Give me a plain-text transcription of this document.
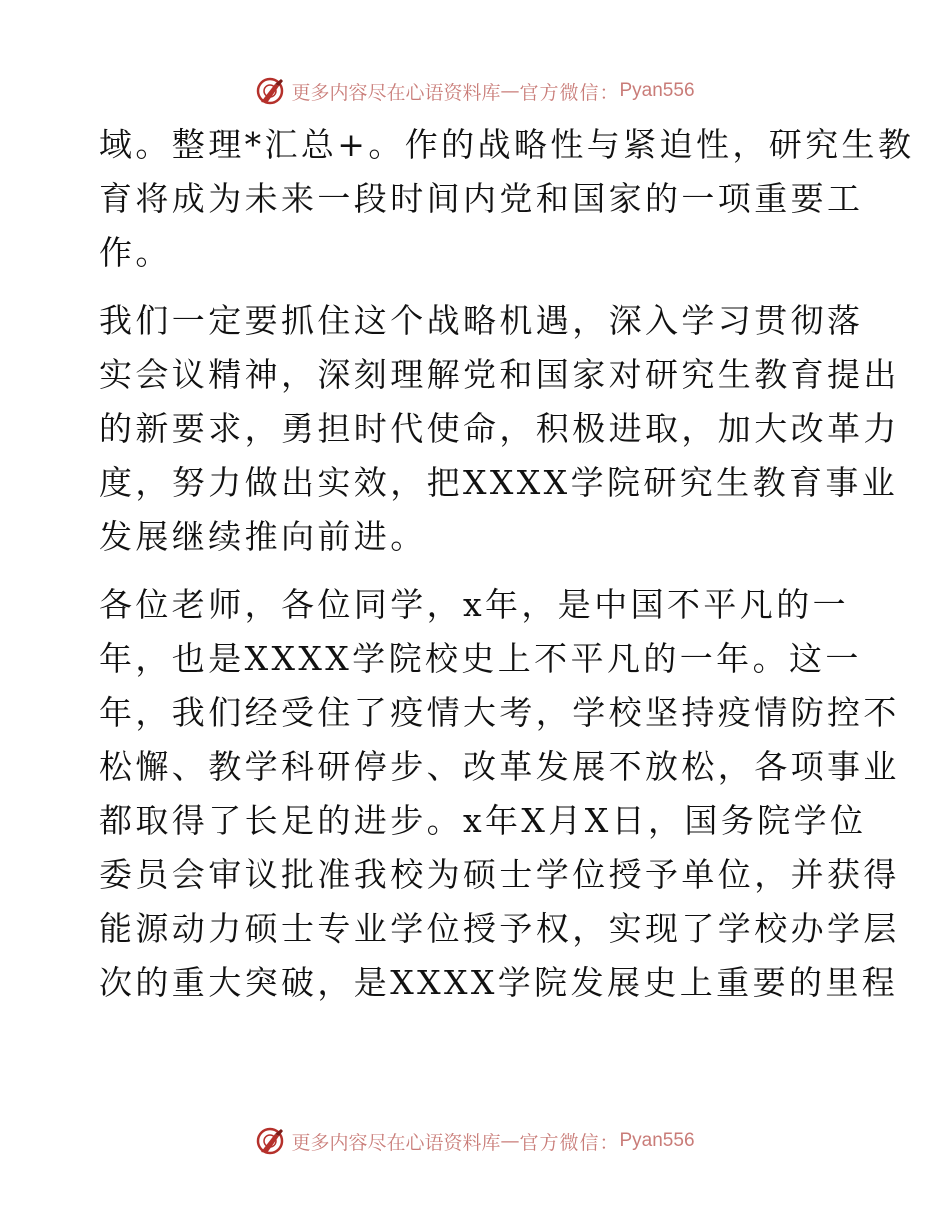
更多内容尽在心语资料库 — 官方微信： Pyan556
域。整理*汇总+。作的战略性与紧迫性，研究生教
育将成为未来一段时间内党和国家的一项重要工
作。
我们一定要抓住这个战略机遇，深入学习贯彻落
实会议精神，深刻理解党和国家对研究生教育提出
的新要求，勇担时代使命，积极进取，加大改革力
度，努力做出实效，把XXXX学院研究生教育事业
发展继续推向前进。
各位老师，各位同学，x年，是中国不平凡的一
年，也是XXXX学院校史上不平凡的一年。这一
年，我们经受住了疫情大考，学校坚持疫情防控不
松懈、教学科研停步、改革发展不放松，各项事业
都取得了长足的进步。x年X月X日，国务院学位
委员会审议批准我校为硕士学位授予单位，并获得
能源动力硕士专业学位授予权，实现了学校办学层
次的重大突破，是XXXX学院发展史上重要的里程
更多内容尽在心语资料库 — 官方微信： Pyan556
